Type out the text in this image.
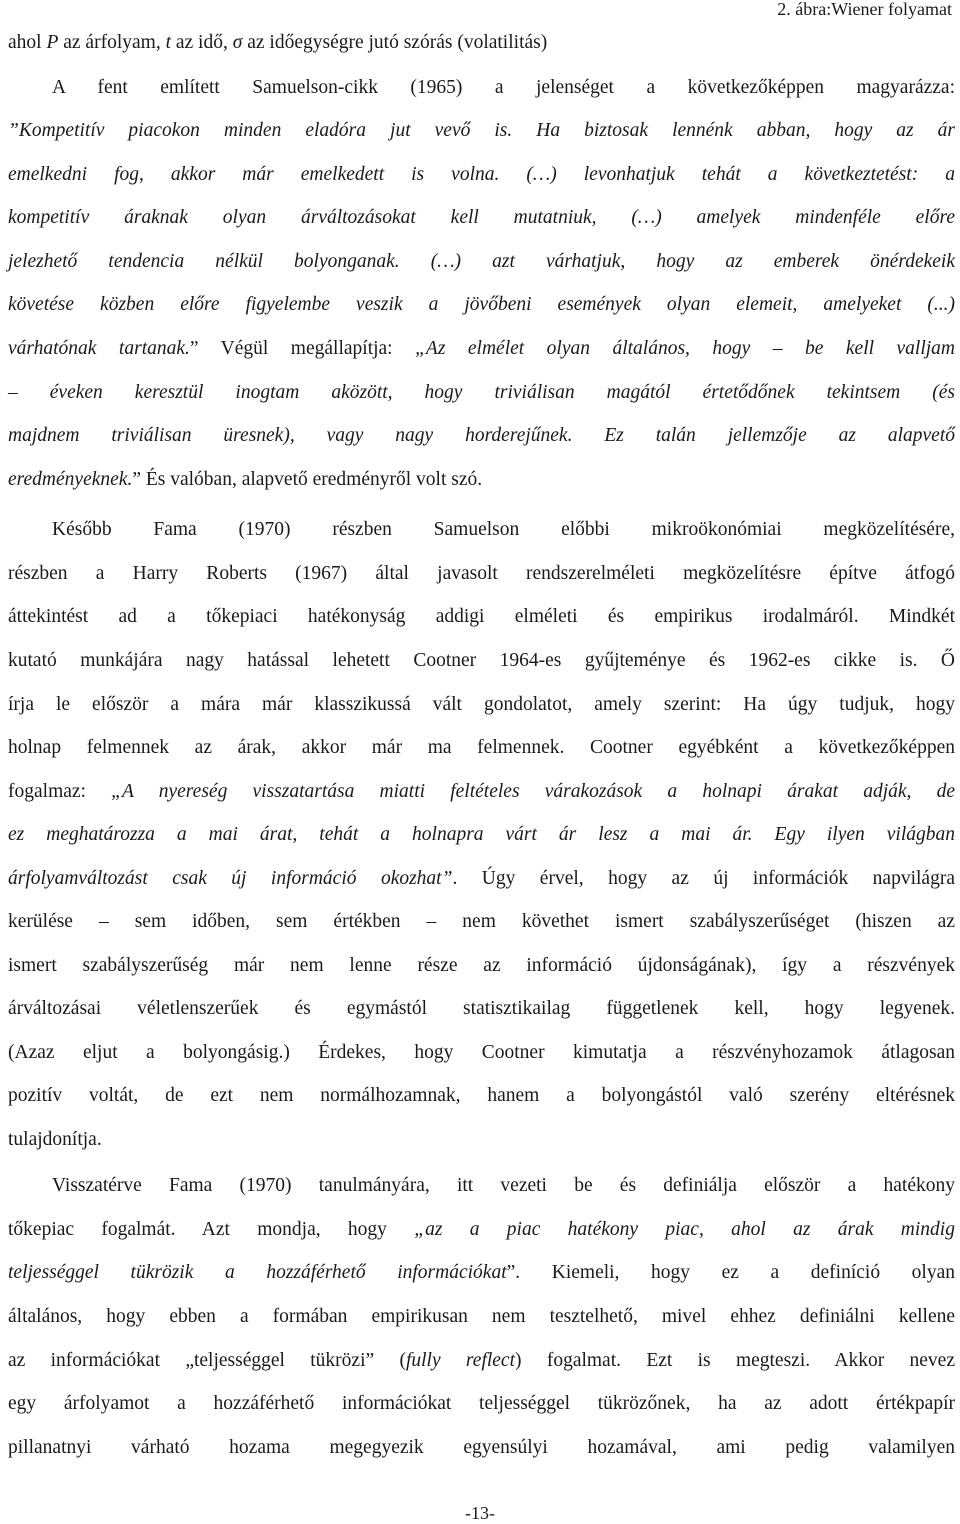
2. ábra:Wiener folyamat
ahol P az árfolyam, t az idő, σ az időegységre jutó szórás (volatilitás)
A fent említett Samuelson-cikk (1965) a jelenséget a következőképpen magyarázza:
”Kompetitív piacokon minden eladóra jut vevő is. Ha biztosak lennénk abban, hogy az ár
emelkedni fog, akkor már emelkedett is volna. (…) levonhatjuk tehát a következtetést: a
kompetitív áraknak olyan árváltozásokat kell mutatniuk, (…) amelyek mindenféle előre
jelezhető tendencia nélkül bolyonganak. (…) azt várhatjuk, hogy az emberek önérdekeik
követése közben előre figyelembe veszik a jövőbeni események olyan elemeit, amelyeket (...)
várhatónak tartanak.” Végül megállapítja: „Az elmélet olyan általános, hogy – be kell valljam
– éveken keresztül inogtam aközött, hogy triviálisan magától értetődőnek tekintsem (és
majdnem triviálisan üresnek), vagy nagy horderejűnek. Ez talán jellemzője az alapvető
eredményeknek.” És valóban, alapvető eredményről volt szó.
Később Fama (1970) részben Samuelson előbbi mikroökonómiai megközelítésére,
részben a Harry Roberts (1967) által javasolt rendszerelméleti megközelítésre építve átfogó
áttekintést ad a tőkepiaci hatékonyság addigi elméleti és empirikus irodalmáról. Mindkét
kutató munkájára nagy hatással lehetett Cootner 1964-es gyűjteménye és 1962-es cikke is. Ő
írja le először a mára már klasszikussá vált gondolatot, amely szerint: Ha úgy tudjuk, hogy
holnap felmennek az árak, akkor már ma felmennek. Cootner egyébként a következőképpen
fogalmaz: „A nyereség visszatartása miatti feltételes várakozások a holnapi árakat adják, de
ez meghatározza a mai árat, tehát a holnapra várt ár lesz a mai ár. Egy ilyen világban
árfolyamváltozást csak új információ okozhat”. Úgy érvel, hogy az új információk napvilágra
kerülése – sem időben, sem értékben – nem követhet ismert szabályszerűséget (hiszen az
ismert szabályszerűség már nem lenne része az információ újdonságának), így a részvények
árváltozásai véletlenszerűek és egymástól statisztikailag függetlenek kell, hogy legyenek.
(Azaz eljut a bolyongásig.) Érdekes, hogy Cootner kimutatja a részvényhozamok átlagosan
pozitív voltát, de ezt nem normálhozamnak, hanem a bolyongástól való szerény eltérésnek
tulajdonítja.
Visszatérve Fama (1970) tanulmányára, itt vezeti be és definiálja először a hatékony
tőkepiac fogalmát. Azt mondja, hogy „az a piac hatékony piac, ahol az árak mindig
teljességgel tükrözik a hozzáférhető információkat”. Kiemeli, hogy ez a definíció olyan
általános, hogy ebben a formában empirikusan nem tesztelhető, mivel ehhez definiálni kellene
az információkat „teljességgel tükrözi” (fully reflect) fogalmat. Ezt is megteszi. Akkor nevez
egy árfolyamot a hozzáférhető információkat teljességgel tükrözőnek, ha az adott értékpapír
pillanatnyi várható hozama megegyezik egyensúlyi hozamával, ami pedig valamilyen
-13-
